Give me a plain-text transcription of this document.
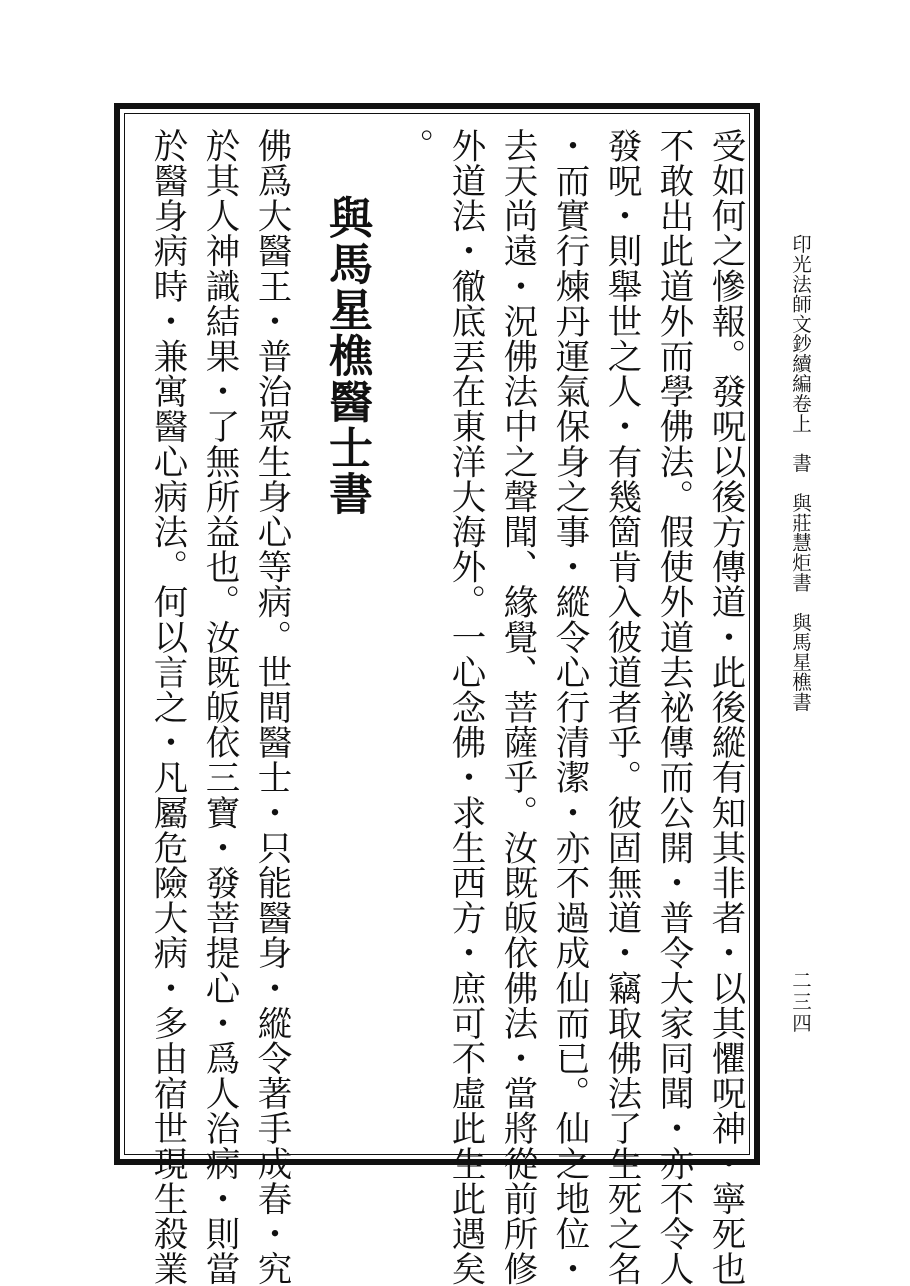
印光法師文鈔續編卷上　書　與莊慧炬書　與馬星樵書
二三四
受如何之慘報。發呪以後方傳道・此後縱有知其非者・以其懼呪神・寧死也
不敢出此道外而學佛法。假使外道去祕傳而公開・普令大家同聞・亦不令人
發呪・則舉世之人・有幾箇肯入彼道者乎。彼固無道・竊取佛法了生死之名
・而實行煉丹運氣保身之事・縱令心行清潔・亦不過成仙而已。仙之地位・
去天尚遠・況佛法中之聲聞、緣覺、菩薩乎。汝既皈依佛法・當將從前所修
外道法・徹底丟在東洋大海外。一心念佛・求生西方・庶可不虛此生此遇矣
。
與馬星樵醫士書
佛爲大醫王・普治眾生身心等病。世間醫士・只能醫身・縱令著手成春・究
於其人神識結果・了無所益也。汝既皈依三寶・發菩提心・爲人治病・則當
於醫身病時・兼寓醫心病法。何以言之・凡屬危險大病・多由宿世現生殺業
